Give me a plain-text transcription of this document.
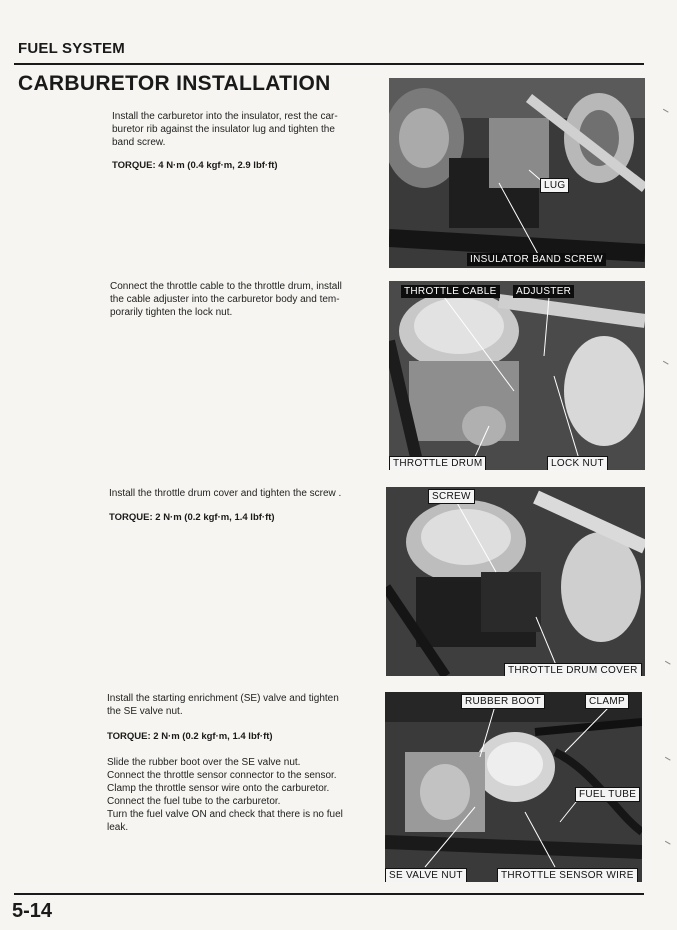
FUEL SYSTEM
CARBURETOR INSTALLATION

Install the carburetor into the insulator, rest the car-

buretor rib against the insulator lug and tighten the

band screw.

TORQUE: 4 N·m (0.4 kgf·m, 2.9 lbf·ft)
LUG
INSULATOR BAND SCREW

Connect the throttle cable to the throttle drum, install

the cable adjuster into the carburetor body and tem-

porarily tighten the lock nut.

THROTTLE CABLE	ADJUSTER
THROTTLE DRUM	LOCK NUT

Install the throttle drum cover and tighten the screw .

TORQUE: 2 N·m (0.2 kgf·m, 1.4 lbf·ft)
SCREW
THROTTLE DRUM COVER

Install the starting enrichment (SE) valve and tighten

the SE valve nut.

TORQUE: 2 N·m (0.2 kgf·m, 1.4 lbf·ft)

Slide the rubber boot over the SE valve nut.

Connect the throttle sensor connector to the sensor.

Clamp the throttle sensor wire onto the carburetor.

Connect the fuel tube to the carburetor.

Turn the fuel valve ON and check that there is no fuel

leak.

RUBBER BOOT	CLAMP
FUEL TUBE
SE VALVE NUT	THROTTLE SENSOR WIRE
5-14
